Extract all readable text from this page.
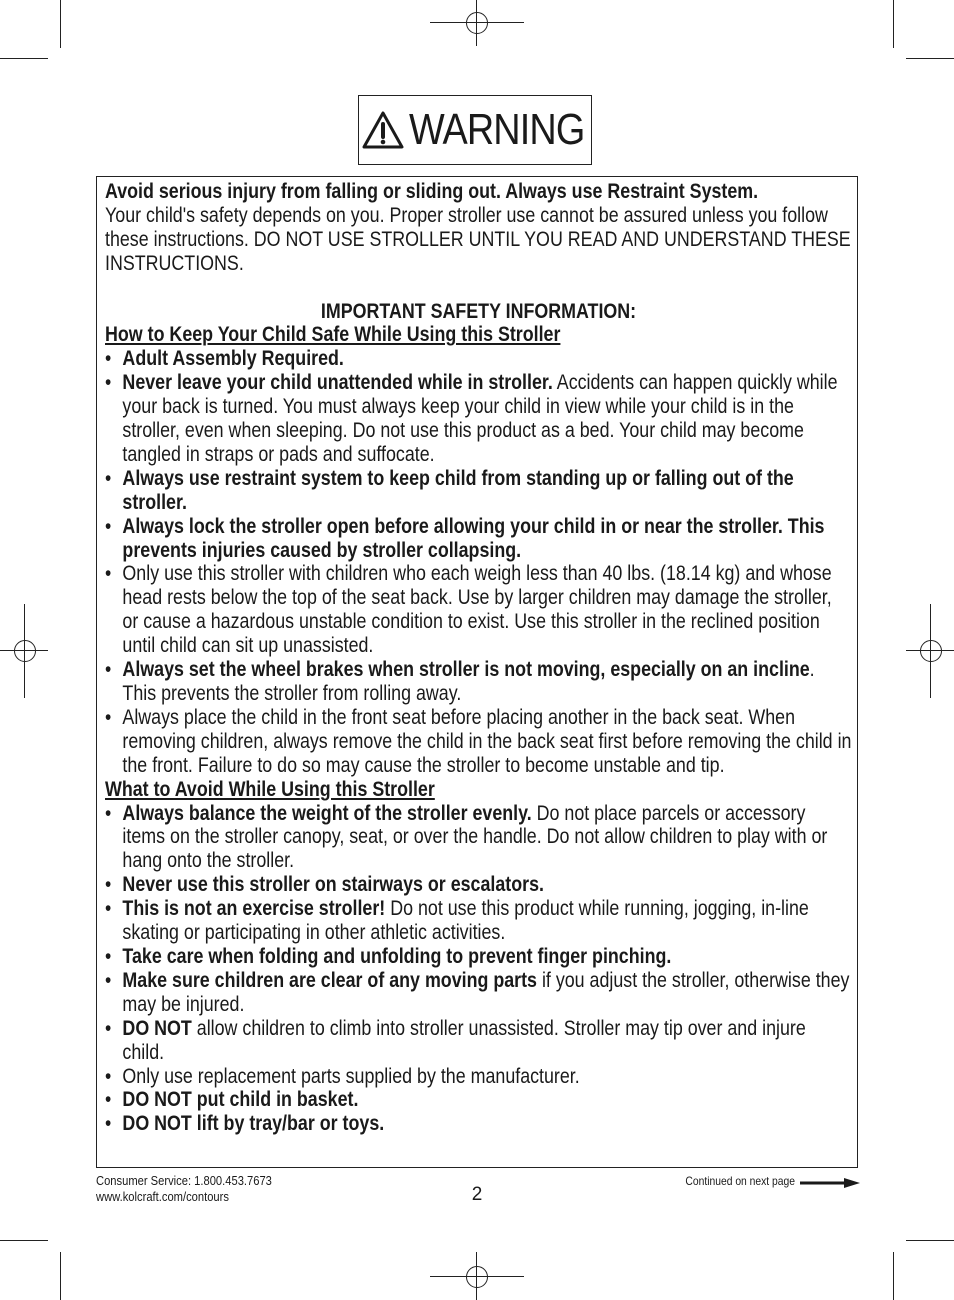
WARNING

Avoid serious injury from falling or sliding out. Always use Restraint System.

Your child's safety depends on you. Proper stroller use cannot be assured unless you follow these instructions. DO NOT USE STROLLER UNTIL YOU READ AND UNDERSTAND THESE INSTRUCTIONS.

IMPORTANT SAFETY INFORMATION:

How to Keep Your Child Safe While Using this Stroller

• Adult Assembly Required.
• Never leave your child unattended while in stroller. Accidents can happen quickly while your back is turned. You must always keep your child in view while your child is in the stroller, even when sleeping. Do not use this product as a bed. Your child may become tangled in straps or pads and suffocate.
• Always use restraint system to keep child from standing up or falling out of the stroller.
• Always lock the stroller open before allowing your child in or near the stroller. This prevents injuries caused by stroller collapsing.
• Only use this stroller with children who each weigh less than 40 lbs. (18.14 kg) and whose head rests below the top of the seat back. Use by larger children may damage the stroller, or cause a hazardous unstable condition to exist. Use this stroller in the reclined position until child can sit up unassisted.
• Always set the wheel brakes when stroller is not moving, especially on an incline. This prevents the stroller from rolling away.
• Always place the child in the front seat before placing another in the back seat. When removing children, always remove the child in the back seat first before removing the child in the front. Failure to do so may cause the stroller to become unstable and tip.

What to Avoid While Using this Stroller

• Always balance the weight of the stroller evenly. Do not place parcels or accessory items on the stroller canopy, seat, or over the handle. Do not allow children to play with or hang onto the stroller.
• Never use this stroller on stairways or escalators.
• This is not an exercise stroller! Do not use this product while running, jogging, in-line skating or participating in other athletic activities.
• Take care when folding and unfolding to prevent finger pinching.
• Make sure children are clear of any moving parts if you adjust the stroller, otherwise they may be injured.
• DO NOT allow children to climb into stroller unassisted. Stroller may tip over and injure child.
• Only use replacement parts supplied by the manufacturer.
• DO NOT put child in basket.
• DO NOT lift by tray/bar or toys.
Consumer Service: 1.800.453.7673
www.kolcraft.com/contours	2
Continued on next page
